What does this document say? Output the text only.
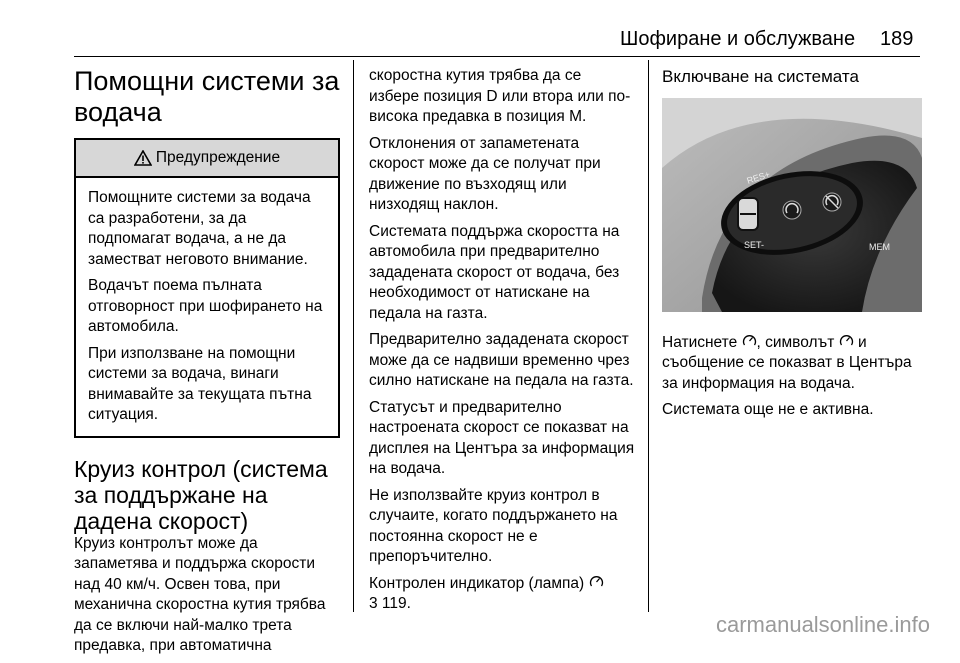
Шофиране и обслужване 189
Помощни системи за водача
Предупреждение

Помощните системи за водача са разработени, за да подпомагат водача, а не да заместват неговото внимание.

Водачът поема пълната отговорност при шофирането на автомобила.

При използване на помощни системи за водача, винаги внимавайте за текущата пътна ситуация.

Круиз контрол (система за поддържане на дадена скорост)

Круиз контролът може да запаметява и поддържа скорости над 40 км/ч. Освен това, при механична скоростна кутия трябва да се включи най-малко трета предавка, при автоматична

скоростна кутия трябва да се избере позиция D или втора или по-висока предавка в позиция M.

Отклонения от запаметената скорост може да се получат при движение по възходящ или низходящ наклон.

Системата поддържа скоростта на автомобила при предварително зададената скорост от водача, без необходимост от натискане на педала на газта.

Предварително зададената скорост може да се надвиши временно чрез силно натискане на педала на газта.

Статусът и предварително настроената скорост се показват на дисплея на Центъра за информация на водача.

Не използвайте круиз контрол в случаите, когато поддържането на постоянна скорост не е препоръчително.

Контролен индикатор (лампа)
3 119.

Включване на системата
RES+
SET-	MEM

Натиснете , символът  и съобщение се показват в Центъра за информация на водача.

Системата още не е активна.

carmanualsonline.info
